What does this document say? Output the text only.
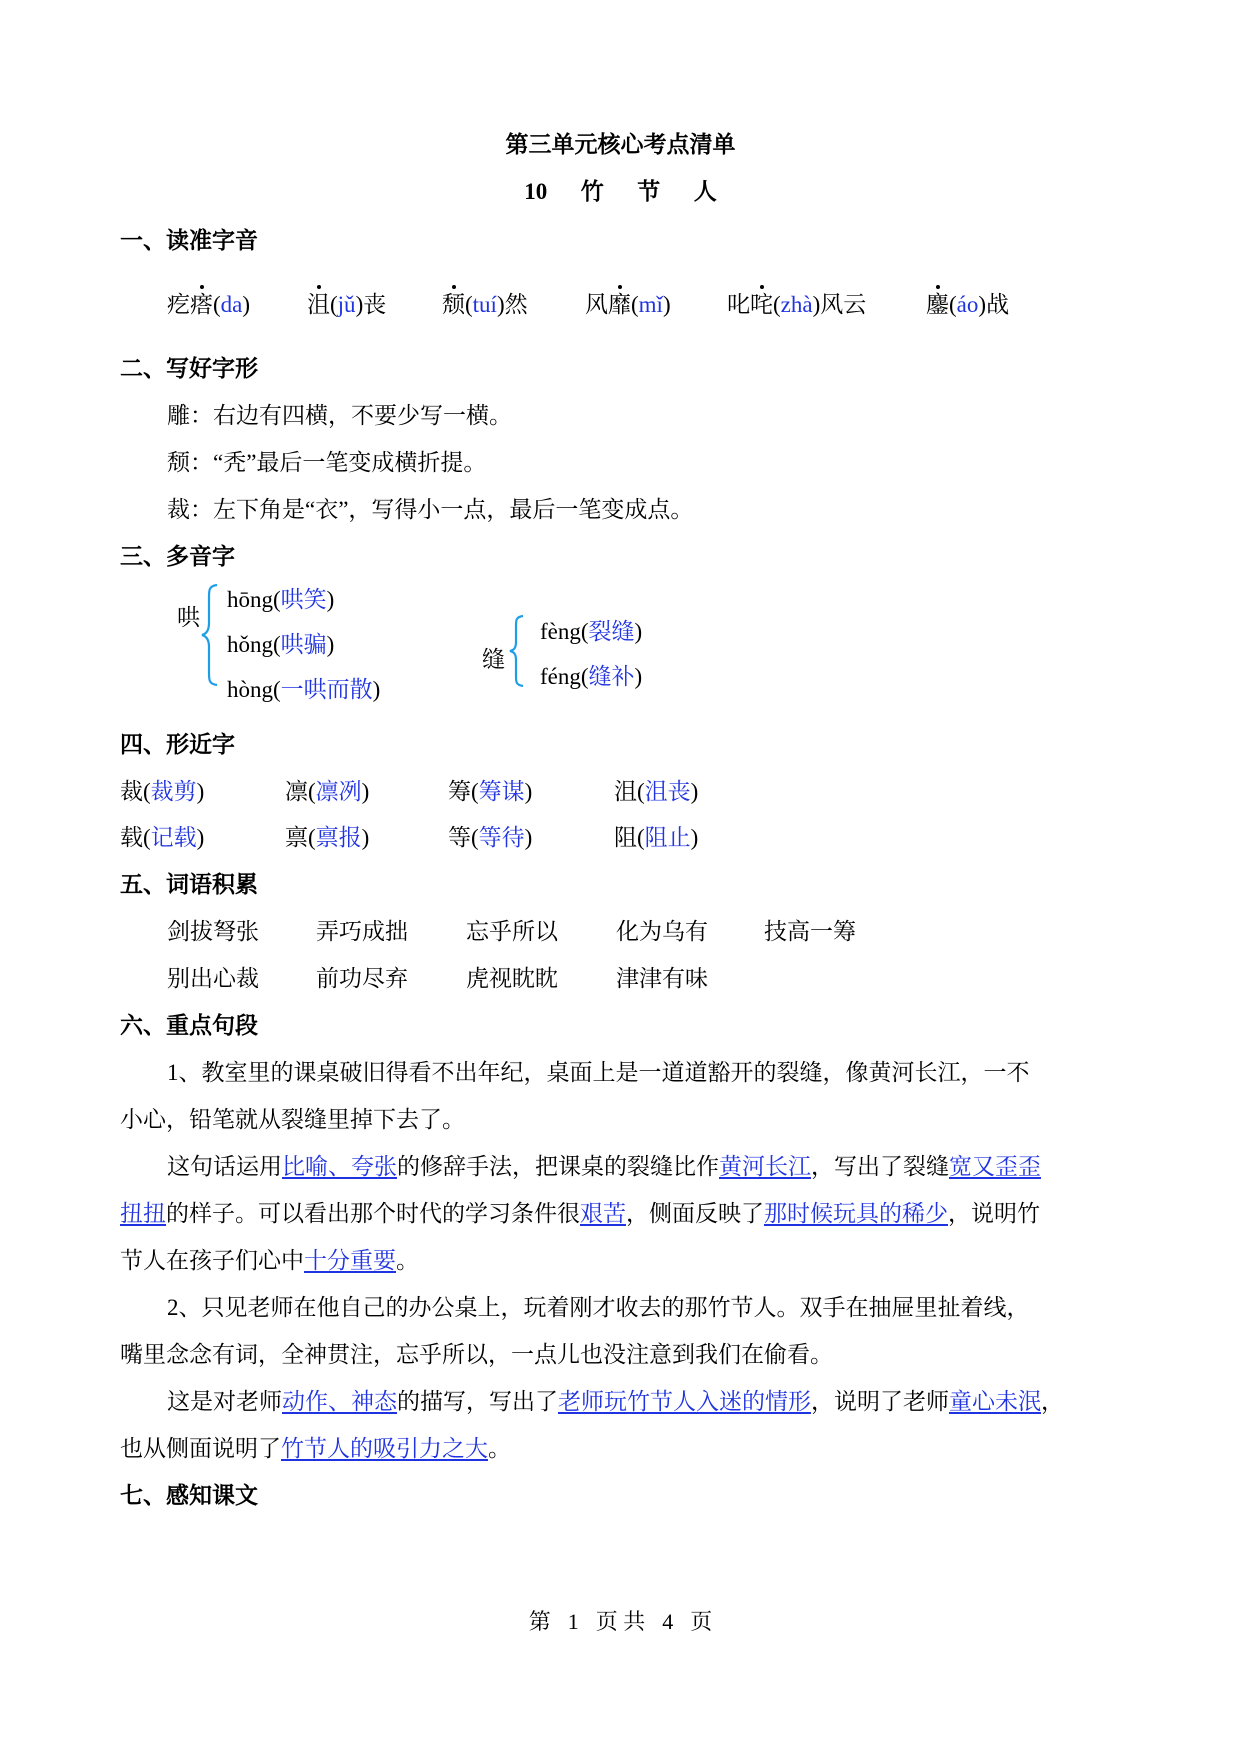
第三单元核心考点清单
10 竹 节 人
一、读准字音
疙瘩(da) 沮(jǔ)丧 颓(tuí)然 风靡(mǐ) 叱咤(zhà)风云	鏖(áo)战
二、写好字形
雕：右边有四横，不要少写一横。
颓：“秃”最后一笔变成横折提。
裁：左下角是“衣”，写得小一点，最后一笔变成点。
三、多音字
哄
hōng(哄笑)
hǒng(哄骗)
hòng(一哄而散)
缝
fèng(裂缝)
féng(缝补)
四、形近字
裁(裁剪)	凛(凛冽)	筹(筹谋)	沮(沮丧)
载(记载)	禀(禀报)	等(等待)	阻(阻止)
五、词语积累
剑拔弩张 弄巧成拙	忘乎所以	化为乌有 技高一筹
别出心裁 前功尽弃	虎视眈眈	津津有味
六、重点句段
1、教室里的课桌破旧得看不出年纪，桌面上是一道道豁开的裂缝，像黄河长江，一不
小心，铅笔就从裂缝里掉下去了。
这句话运用比喻、夸张的修辞手法，把课桌的裂缝比作黄河长江，写出了裂缝宽又歪歪
扭扭的样子。可以看出那个时代的学习条件很艰苦，侧面反映了那时候玩具的稀少，说明竹
节人在孩子们心中十分重要。
2、只见老师在他自己的办公桌上，玩着刚才收去的那竹节人。双手在抽屉里扯着线，
嘴里念念有词，全神贯注，忘乎所以，一点儿也没注意到我们在偷看。
这是对老师动作、神态的描写，写出了老师玩竹节人入迷的情形，说明了老师童心未泯，
也从侧面说明了竹节人的吸引力之大。
七、感知课文
第 1 页 共 4 页
